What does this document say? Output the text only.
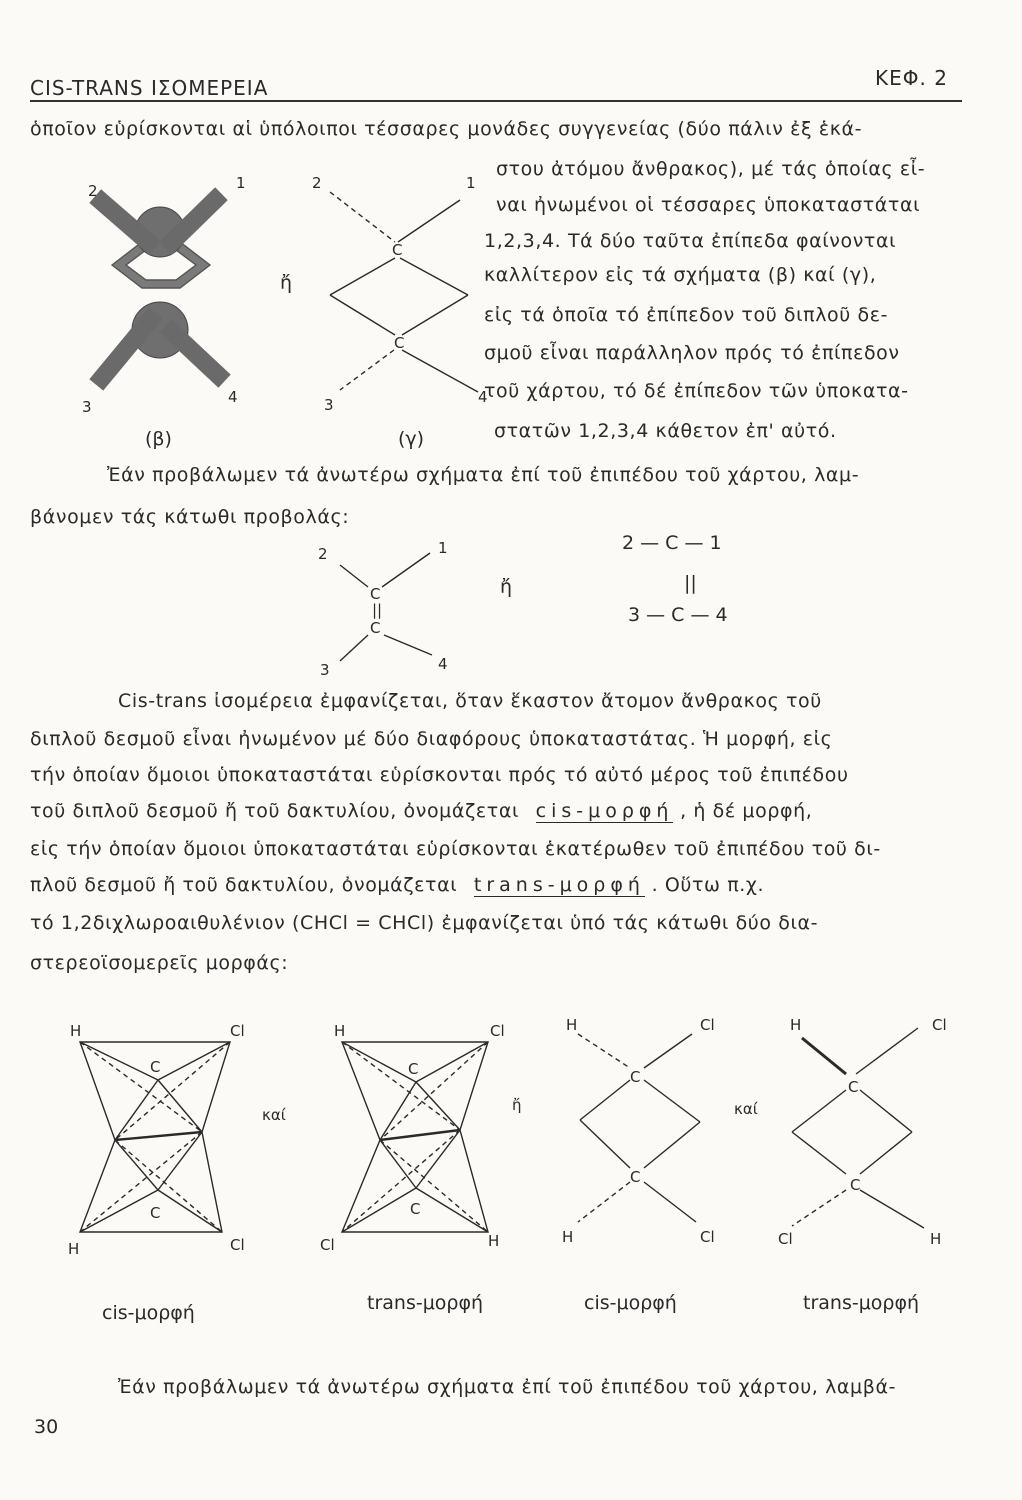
CIS-TRANS ΙΣΟΜΕΡΕΙΑ	ΚΕΦ. 2
ὁποῖον εὑρίσκονται αἱ ὑπόλοιποι τέσσαρες μονάδες συγγενείας (δύο πάλιν ἐξ ἑκά-
στου ἀτόμου ἄνθρακος), μέ τάς ὁποίας εἶ-
ναι ἠνωμένοι οἱ τέσσαρες ὑποκαταστάται
1,2,3,4. Τά δύο ταῦτα ἐπίπεδα φαίνονται
καλλίτερον εἰς τά σχήματα (β) καί (γ),
εἰς τά ὁποῖα τό ἐπίπεδον τοῦ διπλοῦ δε-
σμοῦ εἶναι παράλληλον πρός τό ἐπίπεδον
τοῦ χάρτου, τό δέ ἐπίπεδον τῶν ὑποκατα-
στατῶν 1,2,3,4 κάθετον ἐπ' αὐτό.
2	1
3
4
(β)
ἤ
2	1
C
C
3	4
(γ)
Ἐάν προβάλωμεν τά ἀνωτέρω σχήματα ἐπί τοῦ ἐπιπέδου τοῦ χάρτου, λαμ-
βάνομεν τάς κάτωθι προβολάς:
2	1
C
||
C
3	4
ἤ
2 — C — 1
||
3 — C — 4
Cis-trans ἰσομέρεια ἐμφανίζεται, ὅταν ἕκαστον ἄτομον ἄνθρακος τοῦ
διπλοῦ δεσμοῦ εἶναι ἠνωμένον μέ δύο διαφόρους ὑποκαταστάτας. Ἡ μορφή, εἰς
τήν ὁποίαν ὅμοιοι ὑποκαταστάται εὑρίσκονται πρός τό αὐτό μέρος τοῦ ἐπιπέδου
τοῦ διπλοῦ δεσμοῦ ἤ τοῦ δακτυλίου, ὀνομάζεται cis-μορφή , ἡ δέ μορφή,
εἰς τήν ὁποίαν ὅμοιοι ὑποκαταστάται εὑρίσκονται ἑκατέρωθεν τοῦ ἐπιπέδου τοῦ δι-
πλοῦ δεσμοῦ ἤ τοῦ δακτυλίου, ὀνομάζεται trans-μορφή . Οὕτω π.χ.
τό 1,2διχλωροαιθυλένιον (CHCl = CHCl) ἐμφανίζεται ὑπό τάς κάτωθι δύο δια-
στερεοϊσομερεῖς μορφάς:
H	Cl
C
C
H	Cl
καί
H	Cl
C
C
Cl	H
ἤ
H	Cl
C
C
H	Cl
καί
H	Cl
C
C
Cl	H
cis-μορφή	trans-μορφή	cis-μορφή	trans-μορφή
Ἐάν προβάλωμεν τά ἀνωτέρω σχήματα ἐπί τοῦ ἐπιπέδου τοῦ χάρτου, λαμβά-
30
